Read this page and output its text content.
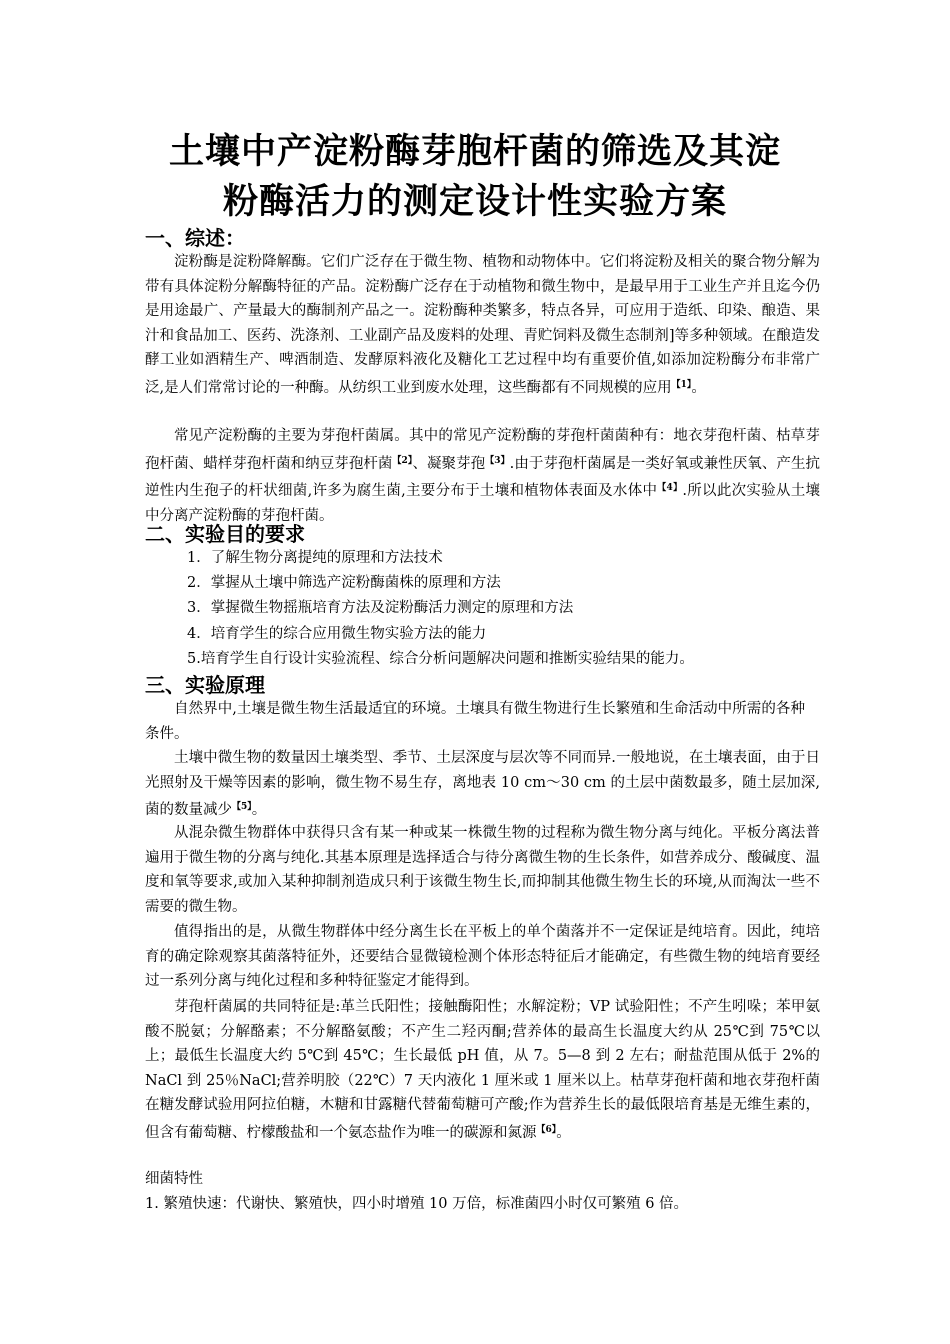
土壤中产淀粉酶芽胞杆菌的筛选及其淀
粉酶活力的测定设计性实验方案
一、综述：

淀粉酶是淀粉降解酶。它们广泛存在于微生物、植物和动物体中。它们将淀粉及相关的聚合物分解为带有具体淀粉分解酶特征的产品。淀粉酶广泛存在于动植物和微生物中，是最早用于工业生产并且迄今仍是用途最广、产量最大的酶制剂产品之一。淀粉酶种类繁多，特点各异，可应用于造纸、印染、酿造、果汁和食品加工、医药、洗涤剂、工业副产品及废料的处理、青贮饲料及微生态制剂]等多种领域。在酿造发酵工业如酒精生产、啤酒制造、发酵原料液化及糖化工艺过程中均有重要价值,如添加淀粉酶分布非常广泛,是人们常常讨论的一种酶。从纺织工业到废水处理，这些酶都有不同规模的应用$^{【1】}$。

常见产淀粉酶的主要为芽孢杆菌属。其中的常见产淀粉酶的芽孢杆菌菌种有：地衣芽孢杆菌、枯草芽孢杆菌、蜡样芽孢杆菌和纳豆芽孢杆菌$^{【2】}$、凝聚芽孢$^{【3】}$.由于芽孢杆菌属是一类好氧或兼性厌氧、产生抗逆性内生孢子的杆状细菌,许多为腐生菌,主要分布于土壤和植物体表面及水体中$^{【4】}$.所以此次实验从土壤中分离产淀粉酶的芽孢杆菌。

二、实验目的要求

1．了解生物分离提纯的原理和方法技术

2．掌握从土壤中筛选产淀粉酶菌株的原理和方法

3．掌握微生物摇瓶培育方法及淀粉酶活力测定的原理和方法

4．培育学生的综合应用微生物实验方法的能力

5.培育学生自行设计实验流程、综合分析问题解决问题和推断实验结果的能力。

三、实验原理

自然界中,土壤是微生物生活最适宜的环境。土壤具有微生物进行生长繁殖和生命活动中所需的各种条件。

土壤中微生物的数量因土壤类型、季节、土层深度与层次等不同而异.一般地说，在土壤表面，由于日光照射及干燥等因素的影响，微生物不易生存，离地表 10 cm～30 cm 的土层中菌数最多，随土层加深,菌的数量减少$^{【5】}$。

从混杂微生物群体中获得只含有某一种或某一株微生物的过程称为微生物分离与纯化。平板分离法普遍用于微生物的分离与纯化.其基本原理是选择适合与待分离微生物的生长条件，如营养成分、酸碱度、温度和氧等要求,或加入某种抑制剂造成只利于该微生物生长,而抑制其他微生物生长的环境,从而淘汰一些不需要的微生物。

值得指出的是，从微生物群体中经分离生长在平板上的单个菌落并不一定保证是纯培育。因此，纯培育的确定除观察其菌落特征外，还要结合显微镜检测个体形态特征后才能确定，有些微生物的纯培育要经过一系列分离与纯化过程和多种特征鉴定才能得到。

芽孢杆菌属的共同特征是:革兰氏阳性；接触酶阳性；水解淀粉；VP 试验阳性；不产生吲哚；苯甲氨酸不脱氨；分解酪素；不分解酪氨酸；不产生二羟丙酮;营养体的最高生长温度大约从 25℃到 75℃以上；最低生长温度大约 5℃到 45℃；生长最低 pH 值，从 7。5—8 到 2 左右；耐盐范围从低于 2%的 NaCl 到 25％NaCl;营养明胶（22℃）7 天内液化 1 厘米或 1 厘米以上。枯草芽孢杆菌和地衣芽孢杆菌在糖发酵试验用阿拉伯糖，木糖和甘露糖代替葡萄糖可产酸;作为营养生长的最低限培育基是无维生素的，但含有葡萄糖、柠檬酸盐和一个氨态盐作为唯一的碳源和氮源$^{【6】}$。

细菌特性

1. 繁殖快速：代谢快、繁殖快，四小时增殖 10 万倍，标准菌四小时仅可繁殖 6 倍。
